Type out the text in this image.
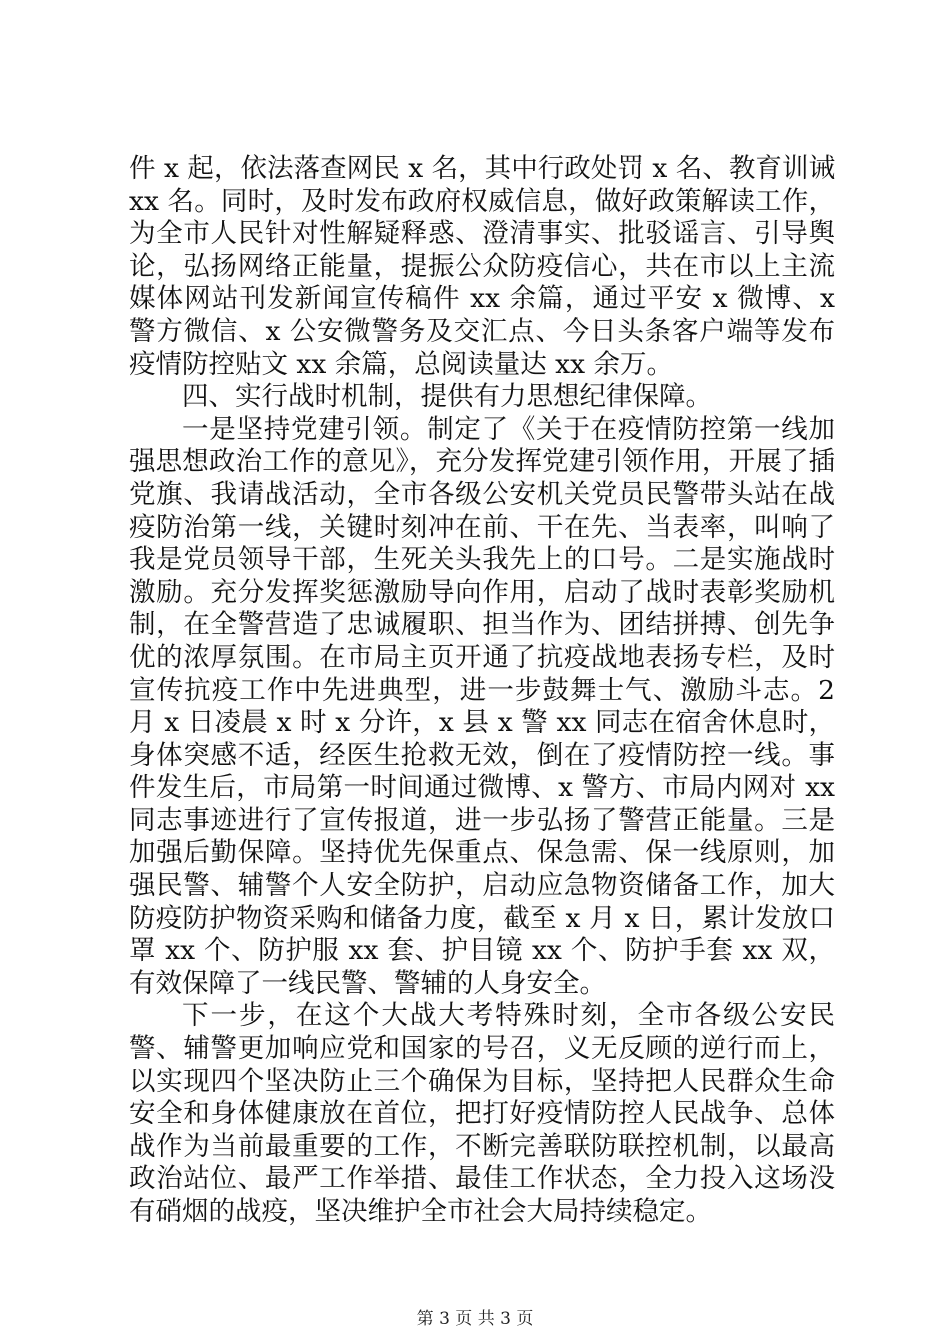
件 x 起，依法落查网民 x 名，其中行政处罚 x 名、教育训诫 xx 名。同时，及时发布政府权威信息，做好政策解读工作，为全市人民针对性解疑释惑、澄清事实、批驳谣言、引导舆论，弘扬网络正能量，提振公众防疫信心，共在市以上主流媒体网站刊发新闻宣传稿件 xx 余篇，通过平安 x 微博、x 警方微信、x 公安微警务及交汇点、今日头条客户端等发布疫情防控贴文 xx 余篇，总阅读量达 xx 余万。

四、实行战时机制，提供有力思想纪律保障。

一是坚持党建引领。制定了《关于在疫情防控第一线加强思想政治工作的意见》，充分发挥党建引领作用，开展了插党旗、我请战活动，全市各级公安机关党员民警带头站在战疫防治第一线，关键时刻冲在前、干在先、当表率，叫响了我是党员领导干部，生死关头我先上的口号。二是实施战时激励。充分发挥奖惩激励导向作用，启动了战时表彰奖励机制，在全警营造了忠诚履职、担当作为、团结拼搏、创先争优的浓厚氛围。在市局主页开通了抗疫战地表扬专栏，及时宣传抗疫工作中先进典型，进一步鼓舞士气、激励斗志。2 月 x 日凌晨 x 时 x 分许，x 县 x 警 xx 同志在宿舍休息时，身体突感不适，经医生抢救无效，倒在了疫情防控一线。事件发生后，市局第一时间通过微博、x 警方、市局内网对 xx 同志事迹进行了宣传报道，进一步弘扬了警营正能量。三是加强后勤保障。坚持优先保重点、保急需、保一线原则，加强民警、辅警个人安全防护，启动应急物资储备工作，加大防疫防护物资采购和储备力度，截至 x 月 x 日，累计发放口罩 xx 个、防护服 xx 套、护目镜 xx 个、防护手套 xx 双，有效保障了一线民警、警辅的人身安全。

下一步，在这个大战大考特殊时刻，全市各级公安民警、辅警更加响应党和国家的号召，义无反顾的逆行而上，以实现四个坚决防止三个确保为目标，坚持把人民群众生命安全和身体健康放在首位，把打好疫情防控人民战争、总体战作为当前最重要的工作，不断完善联防联控机制，以最高政治站位、最严工作举措、最佳工作状态，全力投入这场没有硝烟的战疫，坚决维护全市社会大局持续稳定。

第 3 页 共 3 页
